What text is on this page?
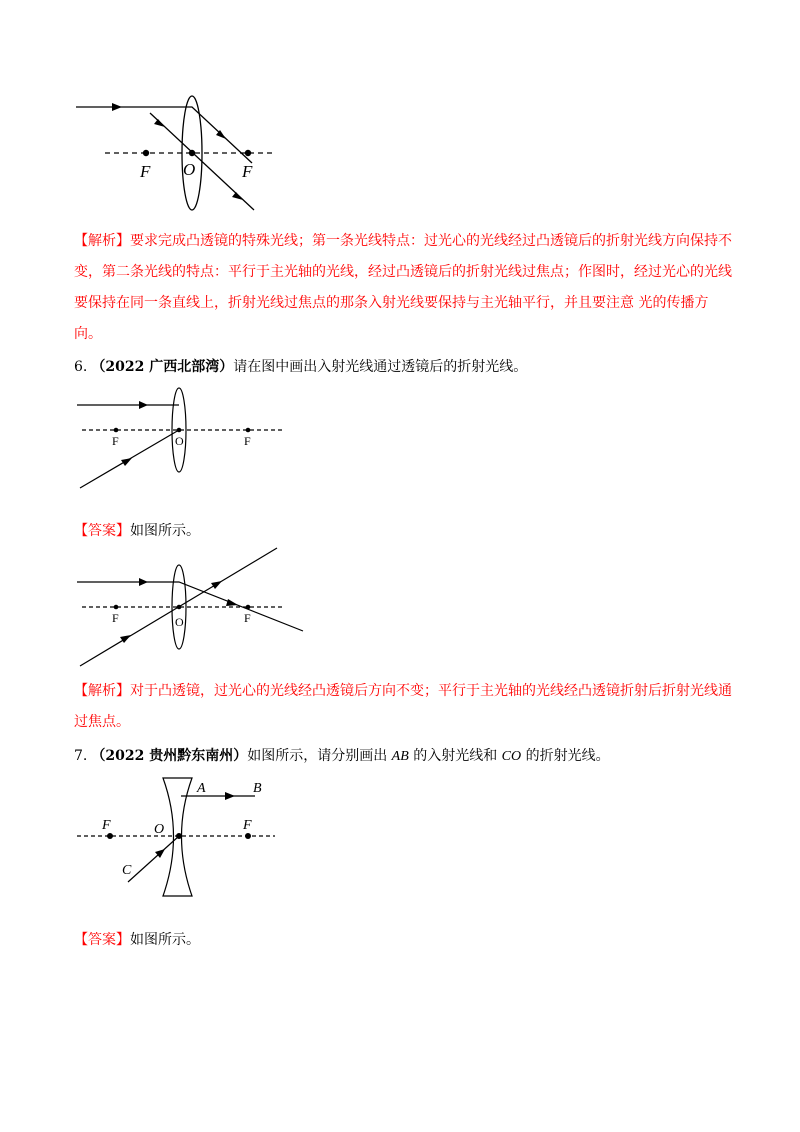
F O	F

【解析】要求完成凸透镜的特殊光线；第一条光线特点：过光心的光线经过凸透镜后的折射光线方向保持不变，第二条光线的特点：平行于主光轴的光线，经过凸透镜后的折射光线过焦点；作图时，经过光心的光线要保持在同一条直线上，折射光线过焦点的那条入射光线要保持与主光轴平行，并且要注意 光的传播方向。

6. （2022 广西北部湾）请在图中画出入射光线通过透镜后的折射光线。
F	O	F
【答案】如图所示。
F	O	F

【解析】对于凸透镜，过光心的光线经凸透镜后方向不变；平行于主光轴的光线经凸透镜折射后折射光线通过焦点。

7. （2022 贵州黔东南州）如图所示，请分别画出 AB 的入射光线和 CO 的折射光线。
A	B
F	O	F
C
【答案】如图所示。
